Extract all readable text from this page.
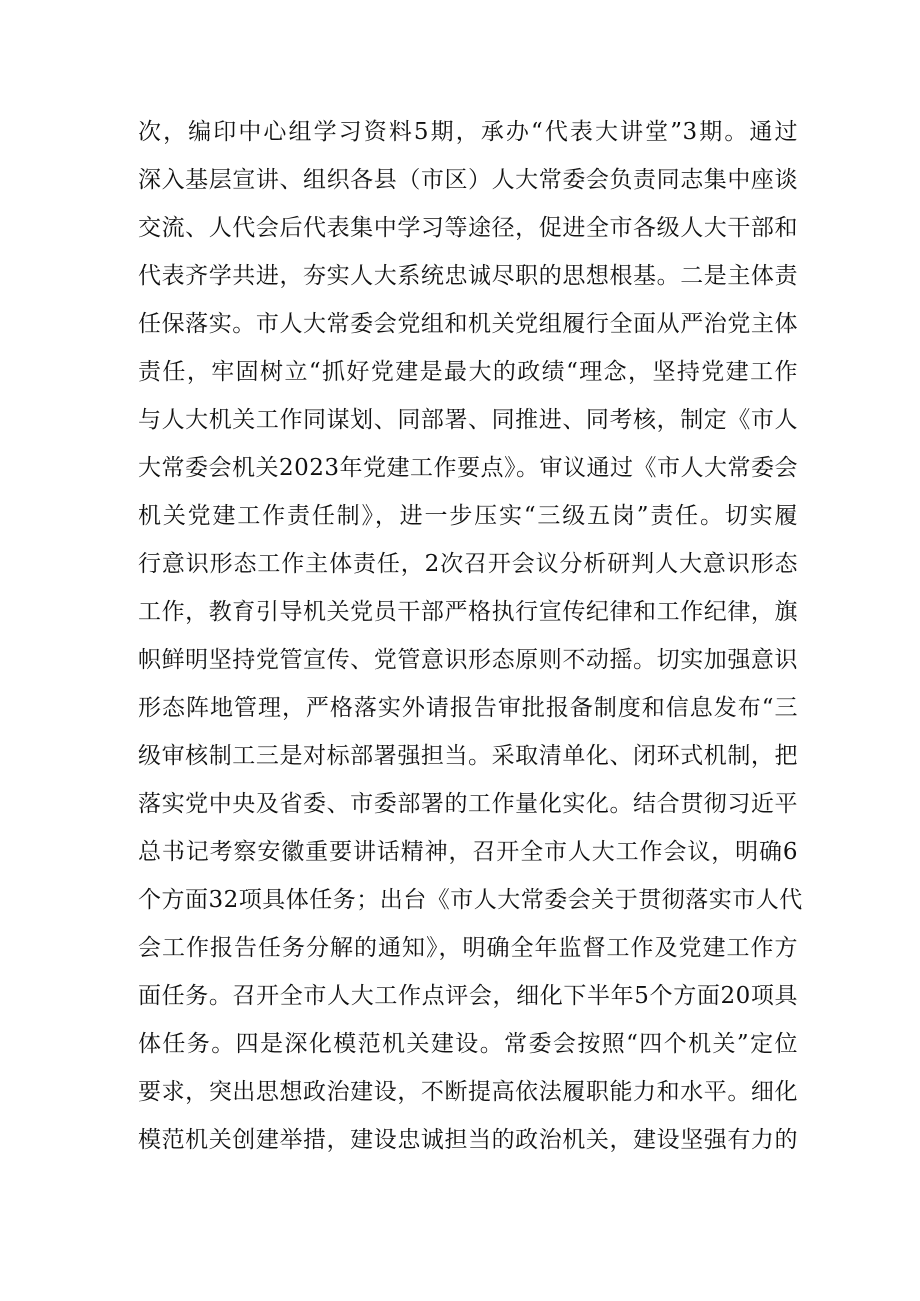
次，编印中心组学习资料5期，承办“代表大讲堂”3期。通过
深入基层宣讲、组织各县（市区）人大常委会负责同志集中座谈
交流、人代会后代表集中学习等途径，促进全市各级人大干部和
代表齐学共进，夯实人大系统忠诚尽职的思想根基。二是主体责
任保落实。市人大常委会党组和机关党组履行全面从严治党主体
责任，牢固树立“抓好党建是最大的政绩“理念，坚持党建工作
与人大机关工作同谋划、同部署、同推进、同考核，制定《市人
大常委会机关2023年党建工作要点》。审议通过《市人大常委会
机关党建工作责任制》，进一步压实“三级五岗”责任。切实履
行意识形态工作主体责任，2次召开会议分析研判人大意识形态
工作，教育引导机关党员干部严格执行宣传纪律和工作纪律，旗
帜鲜明坚持党管宣传、党管意识形态原则不动摇。切实加强意识
形态阵地管理，严格落实外请报告审批报备制度和信息发布“三
级审核制工三是对标部署强担当。采取清单化、闭环式机制，把
落实党中央及省委、市委部署的工作量化实化。结合贯彻习近平
总书记考察安徽重要讲话精神，召开全市人大工作会议，明确6
个方面32项具体任务；出台《市人大常委会关于贯彻落实市人代
会工作报告任务分解的通知》，明确全年监督工作及党建工作方
面任务。召开全市人大工作点评会，细化下半年5个方面20项具
体任务。四是深化模范机关建设。常委会按照“四个机关”定位
要求，突出思想政治建设，不断提高依法履职能力和水平。细化
模范机关创建举措，建设忠诚担当的政治机关，建设坚强有力的
